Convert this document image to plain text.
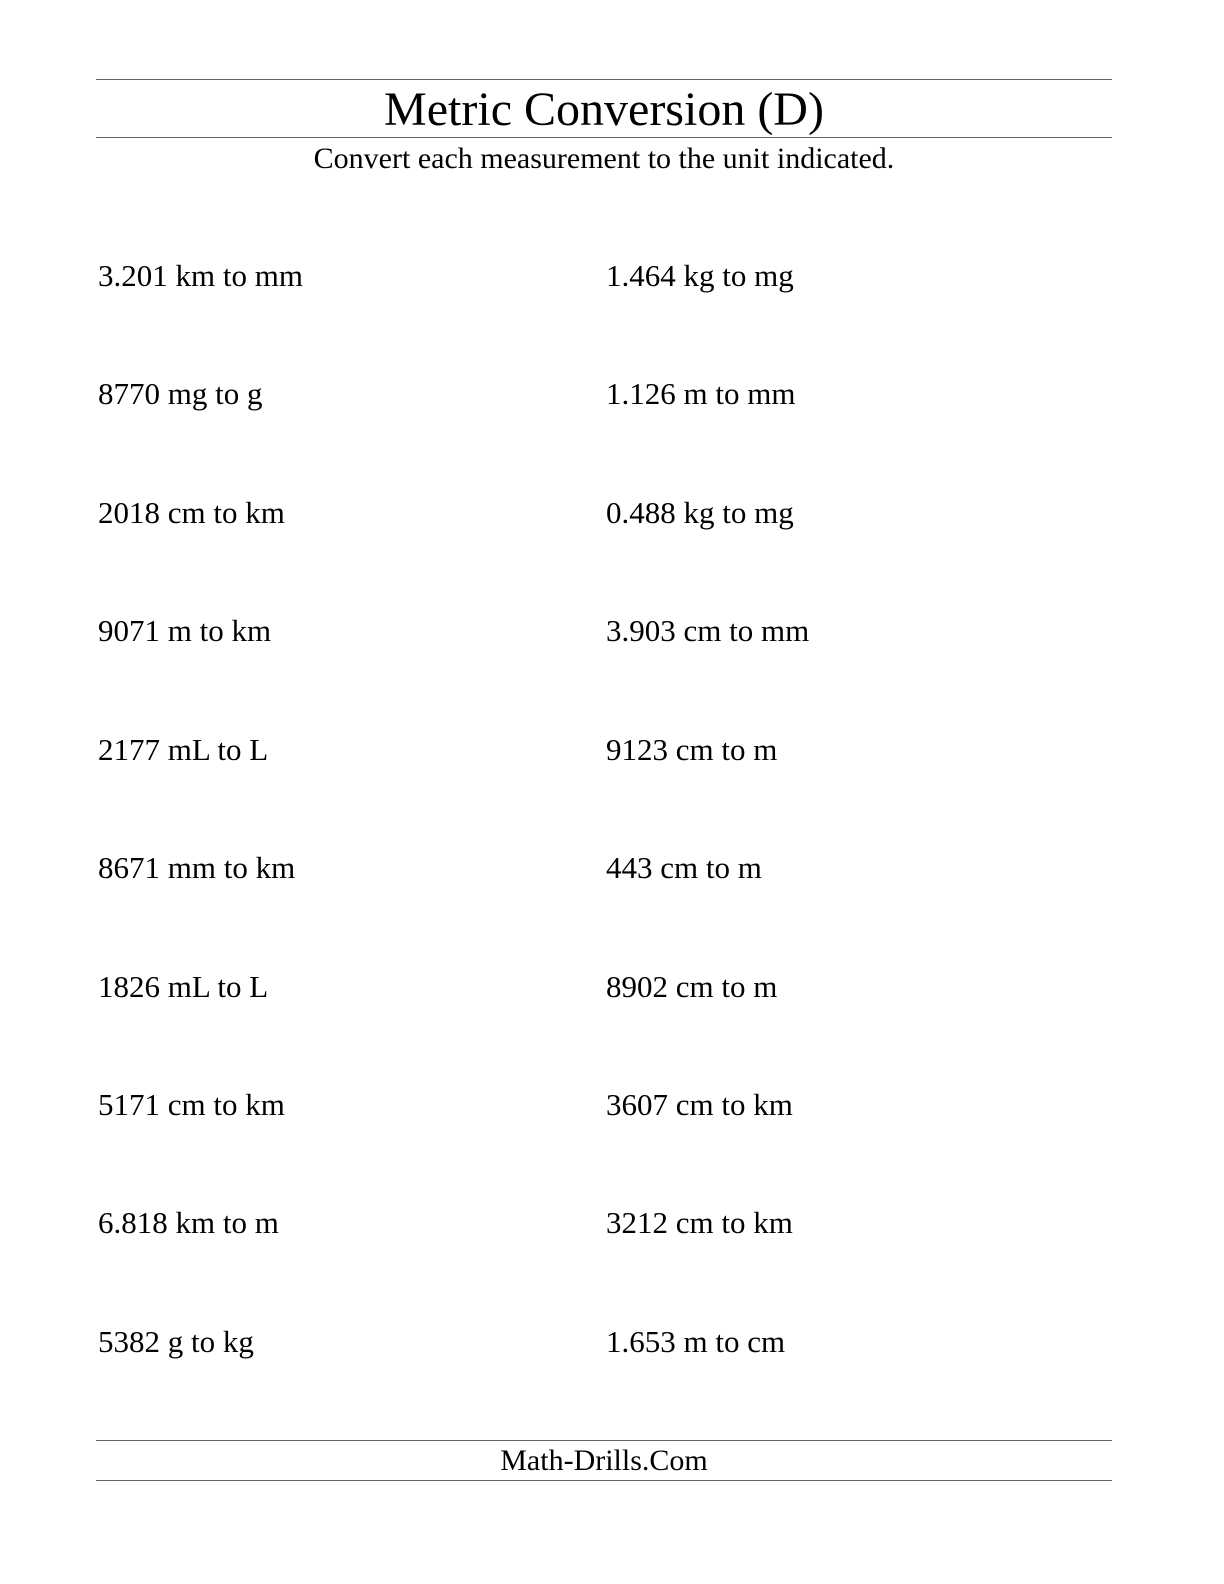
Metric Conversion (D)
Convert each measurement to the unit indicated.
3.201 km to mm
8770 mg to g
2018 cm to km
9071 m to km
2177 mL to L
8671 mm to km
1826 mL to L
5171 cm to km
6.818 km to m
5382 g to kg
1.464 kg to mg
1.126 m to mm
0.488 kg to mg
3.903 cm to mm
9123 cm to m
443 cm to m
8902 cm to m
3607 cm to km
3212 cm to km
1.653 m to cm
Math-Drills.Com
